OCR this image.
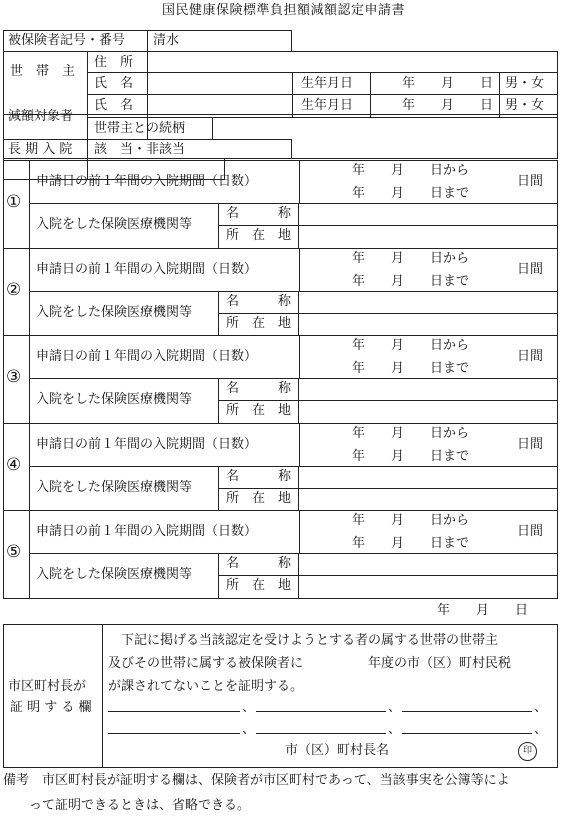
国民健康保険標準負担額減額認定申請書
被保険者記号・番号 清水
世　帯　主
住　所
氏　名	生年月日	年　　月　　日 男・女
減額対象者
氏　名	生年月日	年　　月　　日 男・女
世帯主との続柄
長 期 入 院 該　当・非該当
①
申請日の前１年間の入院期間（日数）
年　　月　　日から
年　　月　　日まで
日間
入院をした保険医療機関等
名　　　称
所　在　地
②
申請日の前１年間の入院期間（日数）
年　　月　　日から
年　　月　　日まで
日間
入院をした保険医療機関等
名　　　称
所　在　地
③
申請日の前１年間の入院期間（日数）
年　　月　　日から
年　　月　　日まで
日間
入院をした保険医療機関等
名　　　称
所　在　地
④
申請日の前１年間の入院期間（日数）
年　　月　　日から
年　　月　　日まで
日間
入院をした保険医療機関等
名　　　称
所　在　地
⑤
申請日の前１年間の入院期間（日数）
年　　月　　日から
年　　月　　日まで
日間
入院をした保険医療機関等
名　　　称
所　在　地
年　　月　　日
市区町村長が
証 明 す る 欄
　下記に掲げる当該認定を受けようとする者の属する世帯の世帯主
及びその世帯に属する被保険者に　　　　　年度の市（区）町村民税
が課されてないことを証明する。
、	、	、
、	、	、
市（区）町村長名	印
備考　市区町村長が証明する欄は、保険者が市区町村であって、当該事実を公簿等によ
　　って証明できるときは、省略できる。
